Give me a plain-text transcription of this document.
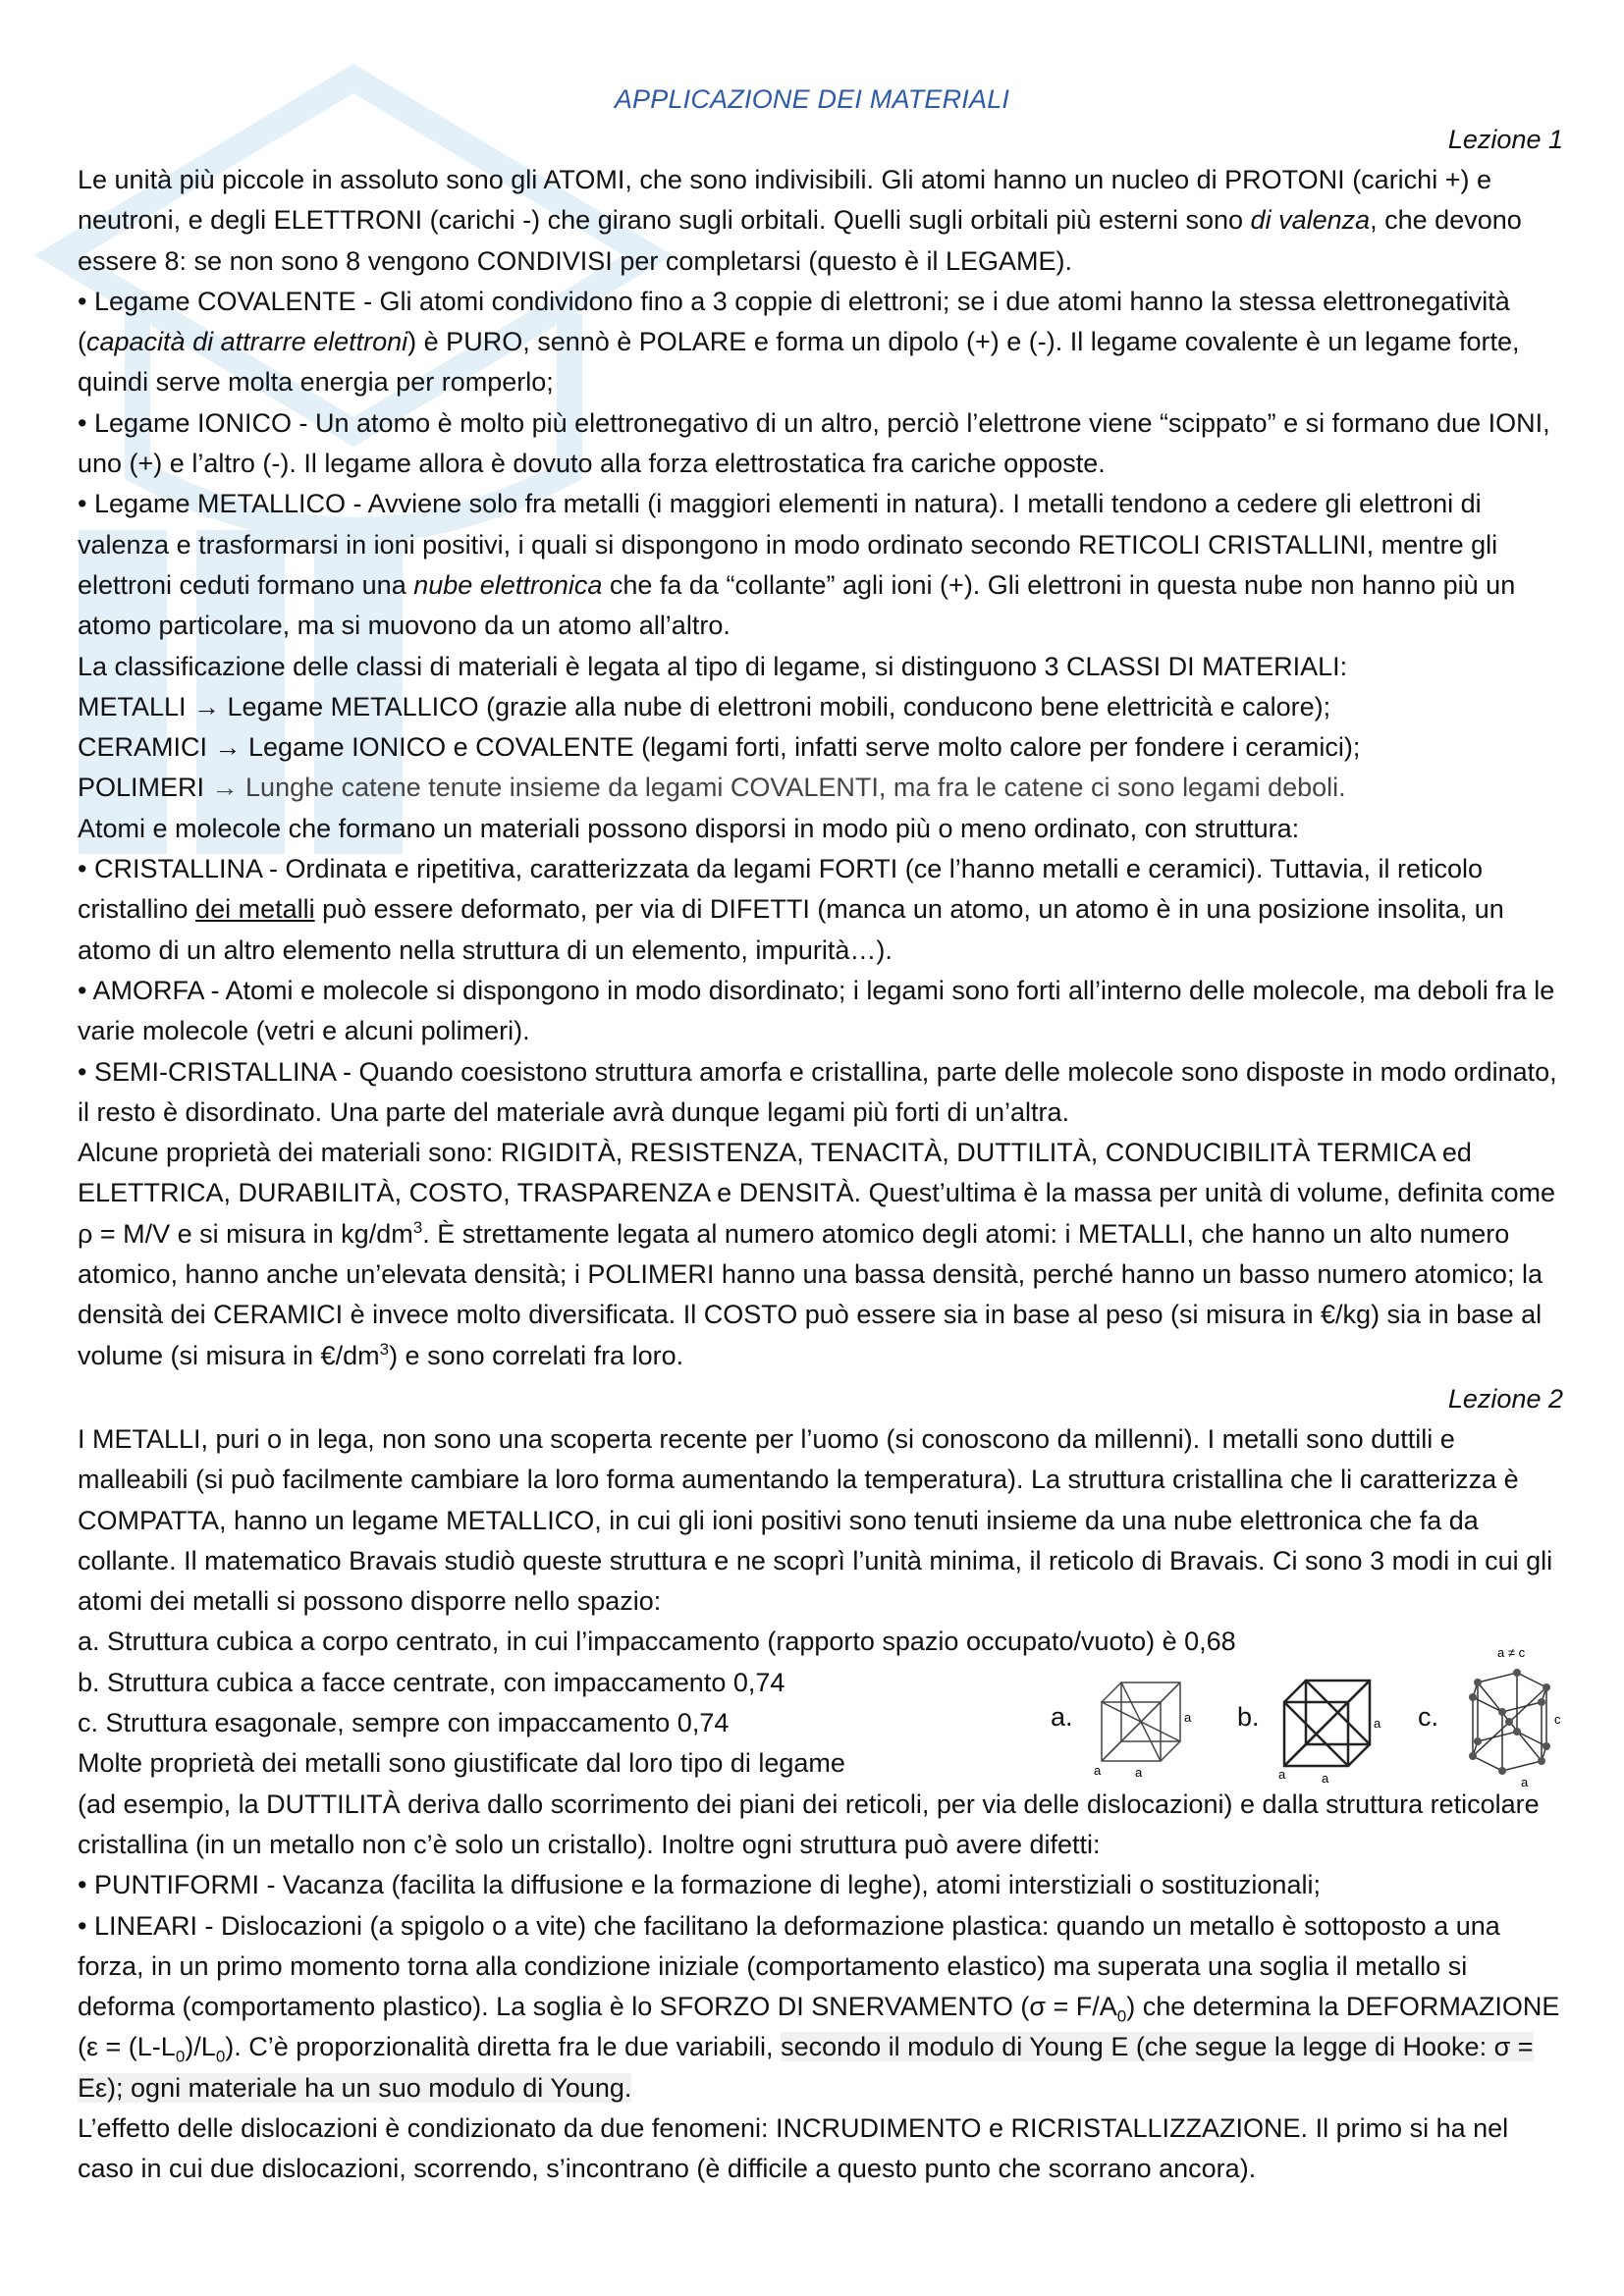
APPLICAZIONE DEI MATERIALI
Lezione 1

Le unità più piccole in assoluto sono gli ATOMI, che sono indivisibili. Gli atomi hanno un nucleo di PROTONI (carichi +) e neutroni, e degli ELETTRONI (carichi -) che girano sugli orbitali. Quelli sugli orbitali più esterni sono di valenza, che devono essere 8: se non sono 8 vengono CONDIVISI per completarsi (questo è il LEGAME).

• Legame COVALENTE - Gli atomi condividono fino a 3 coppie di elettroni; se i due atomi hanno la stessa elettronegatività (capacità di attrarre elettroni) è PURO, sennò è POLARE e forma un dipolo (+) e (-). Il legame covalente è un legame forte, quindi serve molta energia per romperlo;

• Legame IONICO - Un atomo è molto più elettronegativo di un altro, perciò l’elettrone viene “scippato” e si formano due IONI, uno (+) e l’altro (-). Il legame allora è dovuto alla forza elettrostatica fra cariche opposte.

• Legame METALLICO - Avviene solo fra metalli (i maggiori elementi in natura). I metalli tendono a cedere gli elettroni di valenza e trasformarsi in ioni positivi, i quali si dispongono in modo ordinato secondo RETICOLI CRISTALLINI, mentre gli elettroni ceduti formano una nube elettronica che fa da “collante” agli ioni (+). Gli elettroni in questa nube non hanno più un atomo particolare, ma si muovono da un atomo all’altro.

La classificazione delle classi di materiali è legata al tipo di legame, si distinguono 3 CLASSI DI MATERIALI:

METALLI → Legame METALLICO (grazie alla nube di elettroni mobili, conducono bene elettricità e calore);

CERAMICI → Legame IONICO e COVALENTE (legami forti, infatti serve molto calore per fondere i ceramici);

POLIMERI → Lunghe catene tenute insieme da legami COVALENTI, ma fra le catene ci sono legami deboli.

Atomi e molecole che formano un materiali possono disporsi in modo più o meno ordinato, con struttura:

• CRISTALLINA - Ordinata e ripetitiva, caratterizzata da legami FORTI (ce l’hanno metalli e ceramici). Tuttavia, il reticolo cristallino dei metalli può essere deformato, per via di DIFETTI (manca un atomo, un atomo è in una posizione insolita, un atomo di un altro elemento nella struttura di un elemento, impurità…).

• AMORFA - Atomi e molecole si dispongono in modo disordinato; i legami sono forti all’interno delle molecole, ma deboli fra le varie molecole (vetri e alcuni polimeri).

• SEMI-CRISTALLINA - Quando coesistono struttura amorfa e cristallina, parte delle molecole sono disposte in modo ordinato, il resto è disordinato. Una parte del materiale avrà dunque legami più forti di un’altra.

Alcune proprietà dei materiali sono: RIGIDITÀ, RESISTENZA, TENACITÀ, DUTTILITÀ, CONDUCIBILITÀ TERMICA ed ELETTRICA, DURABILITÀ, COSTO, TRASPARENZA e DENSITÀ. Quest’ultima è la massa per unità di volume, definita come ρ = M/V e si misura in $kg/dm^3$. È strettamente legata al numero atomico degli atomi: i METALLI, che hanno un alto numero atomico, hanno anche un’elevata densità; i POLIMERI hanno una bassa densità, perché hanno un basso numero atomico; la densità dei CERAMICI è invece molto diversificata. Il COSTO può essere sia in base al peso (si misura in €/kg) sia in base al volume (si misura in $€/dm^3$) e sono correlati fra loro.

Lezione 2

I METALLI, puri o in lega, non sono una scoperta recente per l’uomo (si conoscono da millenni). I metalli sono duttili e malleabili (si può facilmente cambiare la loro forma aumentando la temperatura). La struttura cristallina che li caratterizza è COMPATTA, hanno un legame METALLICO, in cui gli ioni positivi sono tenuti insieme da una nube elettronica che fa da collante. Il matematico Bravais studiò queste struttura e ne scoprì l’unità minima, il reticolo di Bravais. Ci sono 3 modi in cui gli atomi dei metalli si possono disporre nello spazio:

a. Struttura cubica a corpo centrato, in cui l’impaccamento (rapporto spazio occupato/vuoto) è 0,68

b. Struttura cubica a facce centrate, con impaccamento 0,74

c. Struttura esagonale, sempre con impaccamento 0,74

Molte proprietà dei metalli sono giustificate dal loro tipo di legame

(ad esempio, la DUTTILITÀ deriva dallo scorrimento dei piani dei reticoli, per via delle dislocazioni) e dalla struttura reticolare cristallina (in un metallo non c’è solo un cristallo). Inoltre ogni struttura può avere difetti:

• PUNTIFORMI - Vacanza (facilita la diffusione e la formazione di leghe), atomi interstiziali o sostituzionali;

• LINEARI - Dislocazioni (a spigolo o a vite) che facilitano la deformazione plastica: quando un metallo è sottoposto a una forza, in un primo momento torna alla condizione iniziale (comportamento elastico) ma superata una soglia il metallo si deforma (comportamento plastico). La soglia è lo SFORZO DI SNERVAMENTO $(\sigma = F/A_0)$ che determina la DEFORMAZIONE $(\varepsilon = (L-L_0)/L_0)$. C’è proporzionalità diretta fra le due variabili, secondo il modulo di Young E (che segue la legge di Hooke: σ = Eε); ogni materiale ha un suo modulo di Young.

L’effetto delle dislocazioni è condizionato da due fenomeni: INCRUDIMENTO e RICRISTALLIZZAZIONE. Il primo si ha nel caso in cui due dislocazioni, scorrendo, s’incontrano (è difficile a questo punto che scorrano ancora).

a.	a
a	a
b.	a
a	a
c.
a ≠ c
c
a
